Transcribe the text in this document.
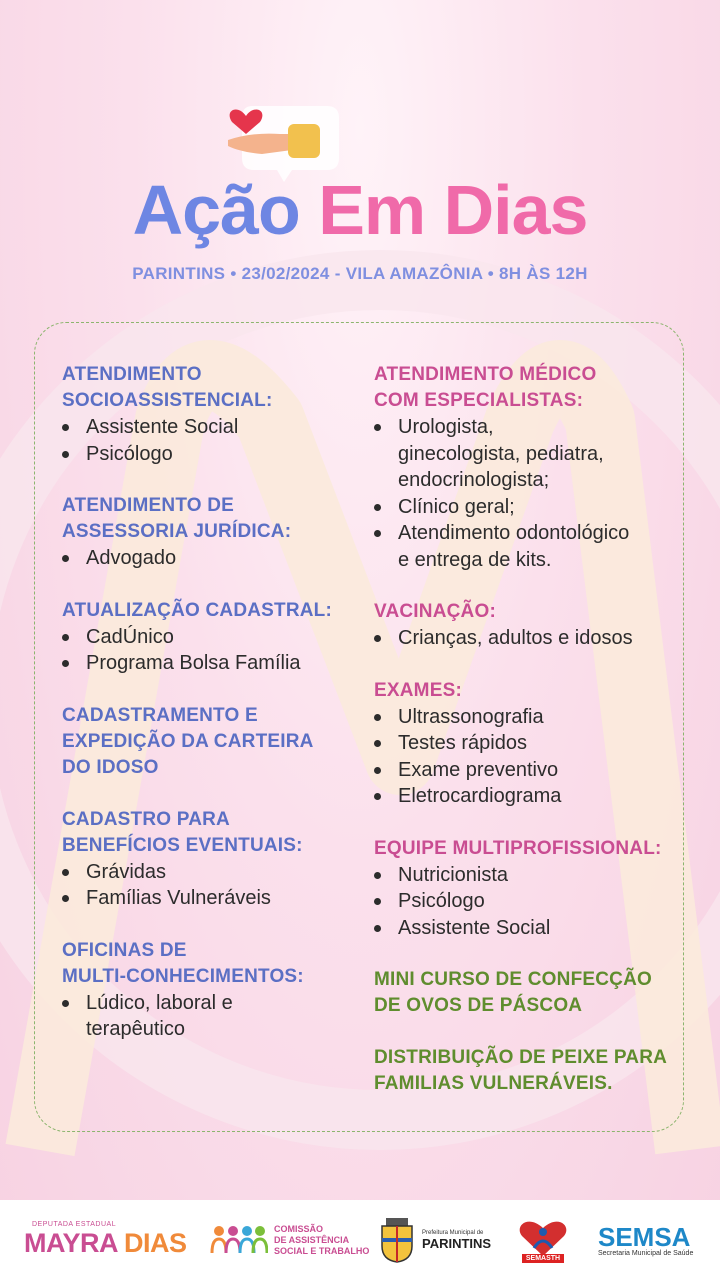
Ação Em Dias
PARINTINS • 23/02/2024 - VILA AMAZÔNIA • 8H ÀS 12H
ATENDIMENTO
SOCIOASSISTENCIAL:
Assistente Social
Psicólogo
ATENDIMENTO DE
ASSESSORIA JURÍDICA:
Advogado
ATUALIZAÇÃO CADASTRAL:
CadÚnico
Programa Bolsa Família
CADASTRAMENTO E
EXPEDIÇÃO DA CARTEIRA
DO IDOSO
CADASTRO PARA
BENEFÍCIOS EVENTUAIS:
Grávidas
Famílias Vulneráveis
OFICINAS DE
MULTI-CONHECIMENTOS:
Lúdico, laboral e
terapêutico
ATENDIMENTO MÉDICO
COM ESPECIALISTAS:
Urologista,
ginecologista, pediatra,
endocrinologista;
Clínico geral;
Atendimento odontológico
e entrega de kits.
VACINAÇÃO:
Crianças, adultos e idosos
EXAMES:
Ultrassonografia
Testes rápidos
Exame preventivo
Eletrocardiograma
EQUIPE MULTIPROFISSIONAL:
Nutricionista
Psicólogo
Assistente Social
MINI CURSO DE CONFECÇÃO
DE OVOS DE PÁSCOA
DISTRIBUIÇÃO DE PEIXE PARA
FAMILIAS VULNERÁVEIS.
DEPUTADA ESTADUAL
MAYRA DIAS	COMISSÃO
DE ASSISTÊNCIA
SOCIAL E TRABALHO
Prefeitura Municipal de
PARINTINS
SEMASTH
SEMSA
Secretaria Municipal de Saúde
